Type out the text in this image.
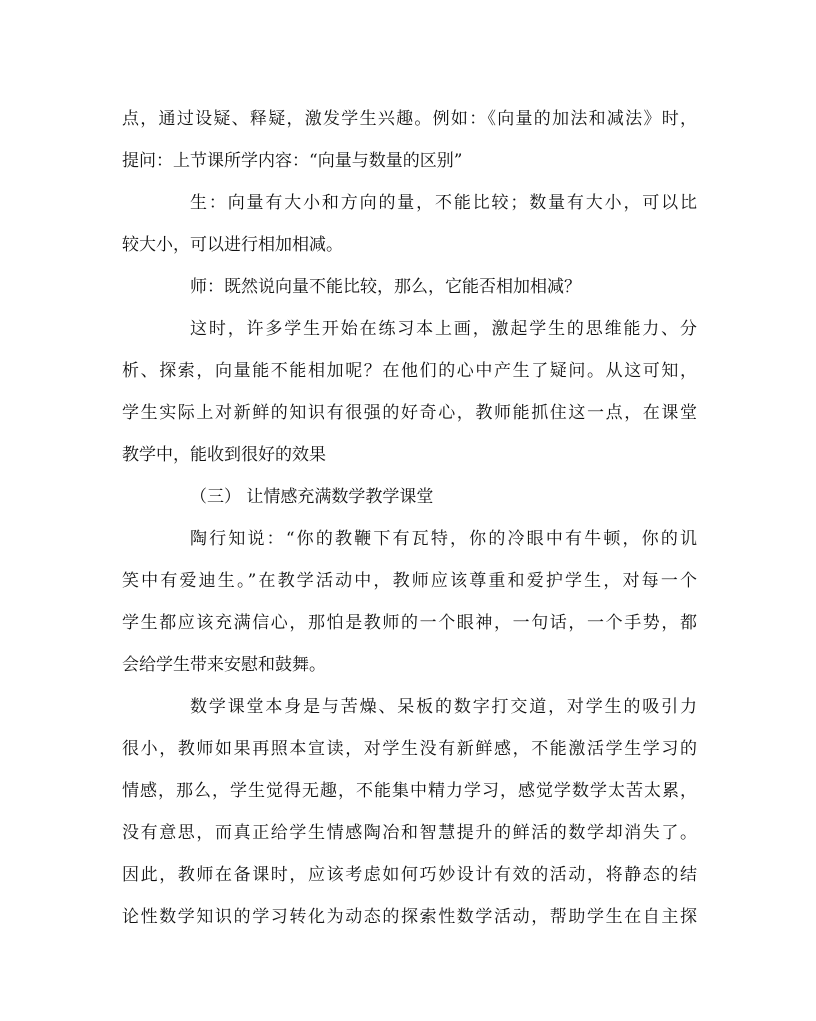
点，通过设疑、释疑，激发学生兴趣。例如：《向量的加法和减法》时，
提问：上节课所学内容：“向量与数量的区别”
生：向量有大小和方向的量，不能比较；数量有大小，可以比
较大小，可以进行相加相减。
师：既然说向量不能比较，那么，它能否相加相减？
这时，许多学生开始在练习本上画，激起学生的思维能力、分
析、探索，向量能不能相加呢？在他们的心中产生了疑问。从这可知，
学生实际上对新鲜的知识有很强的好奇心，教师能抓住这一点，在课堂
教学中，能收到很好的效果
（三） 让情感充满数学教学课堂
陶行知说：“你的教鞭下有瓦特，你的冷眼中有牛顿，你的讥
笑中有爱迪生。”在教学活动中，教师应该尊重和爱护学生，对每一个
学生都应该充满信心，那怕是教师的一个眼神，一句话，一个手势，都
会给学生带来安慰和鼓舞。
数学课堂本身是与苦燥、呆板的数字打交道，对学生的吸引力
很小，教师如果再照本宣读，对学生没有新鲜感，不能激活学生学习的
情感，那么，学生觉得无趣，不能集中精力学习，感觉学数学太苦太累，
没有意思，而真正给学生情感陶冶和智慧提升的鲜活的数学却消失了。
因此，教师在备课时，应该考虑如何巧妙设计有效的活动，将静态的结
论性数学知识的学习转化为动态的探索性数学活动，帮助学生在自主探
